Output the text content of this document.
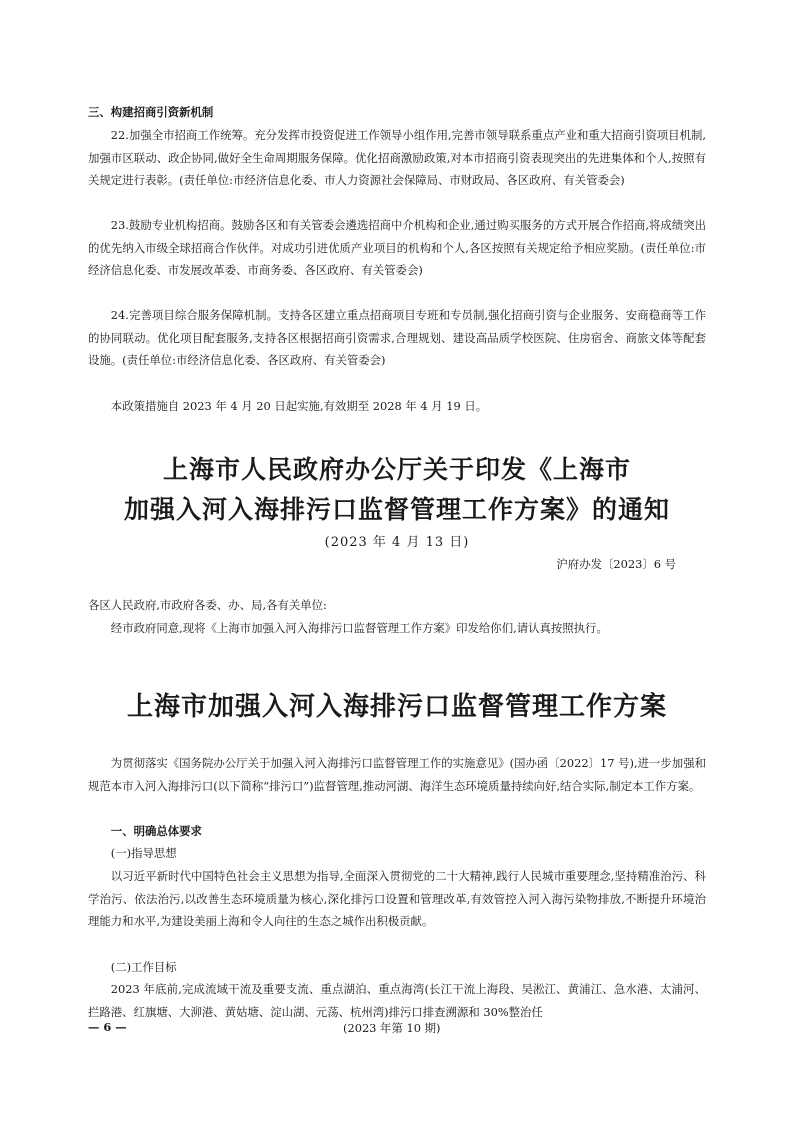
三、构建招商引资新机制

22.加强全市招商工作统筹。充分发挥市投资促进工作领导小组作用,完善市领导联系重点产业和重大招商引资项目机制,加强市区联动、政企协同,做好全生命周期服务保障。优化招商激励政策,对本市招商引资表现突出的先进集体和个人,按照有关规定进行表彰。(责任单位:市经济信息化委、市人力资源社会保障局、市财政局、各区政府、有关管委会)

23.鼓励专业机构招商。鼓励各区和有关管委会遴选招商中介机构和企业,通过购买服务的方式开展合作招商,将成绩突出的优先纳入市级全球招商合作伙伴。对成功引进优质产业项目的机构和个人,各区按照有关规定给予相应奖励。(责任单位:市经济信息化委、市发展改革委、市商务委、各区政府、有关管委会)

24.完善项目综合服务保障机制。支持各区建立重点招商项目专班和专员制,强化招商引资与企业服务、安商稳商等工作的协同联动。优化项目配套服务,支持各区根据招商引资需求,合理规划、建设高品质学校医院、住房宿舍、商旅文体等配套设施。(责任单位:市经济信息化委、各区政府、有关管委会)

本政策措施自 2023 年 4 月 20 日起实施,有效期至 2028 年 4 月 19 日。

上海市人民政府办公厅关于印发《上海市

加强入河入海排污口监督管理工作方案》的通知

(2023 年 4 月 13 日)
沪府办发〔2023〕6 号

各区人民政府,市政府各委、办、局,各有关单位:

经市政府同意,现将《上海市加强入河入海排污口监督管理工作方案》印发给你们,请认真按照执行。

上海市加强入河入海排污口监督管理工作方案

为贯彻落实《国务院办公厅关于加强入河入海排污口监督管理工作的实施意见》(国办函〔2022〕17 号),进一步加强和规范本市入河入海排污口(以下简称“排污口”)监督管理,推动河湖、海洋生态环境质量持续向好,结合实际,制定本工作方案。

一、明确总体要求

(一)指导思想

以习近平新时代中国特色社会主义思想为指导,全面深入贯彻党的二十大精神,践行人民城市重要理念,坚持精准治污、科学治污、依法治污,以改善生态环境质量为核心,深化排污口设置和管理改革,有效管控入河入海污染物排放,不断提升环境治理能力和水平,为建设美丽上海和令人向往的生态之城作出积极贡献。

(二)工作目标

2023 年底前,完成流域干流及重要支流、重点湖泊、重点海湾(长江干流上海段、吴淞江、黄浦江、急水港、太浦河、拦路港、红旗塘、大泖港、黄姑塘、淀山湖、元荡、杭州湾)排污口排查溯源和 30%整治任

— 6 —	(2023 年第 10 期)
